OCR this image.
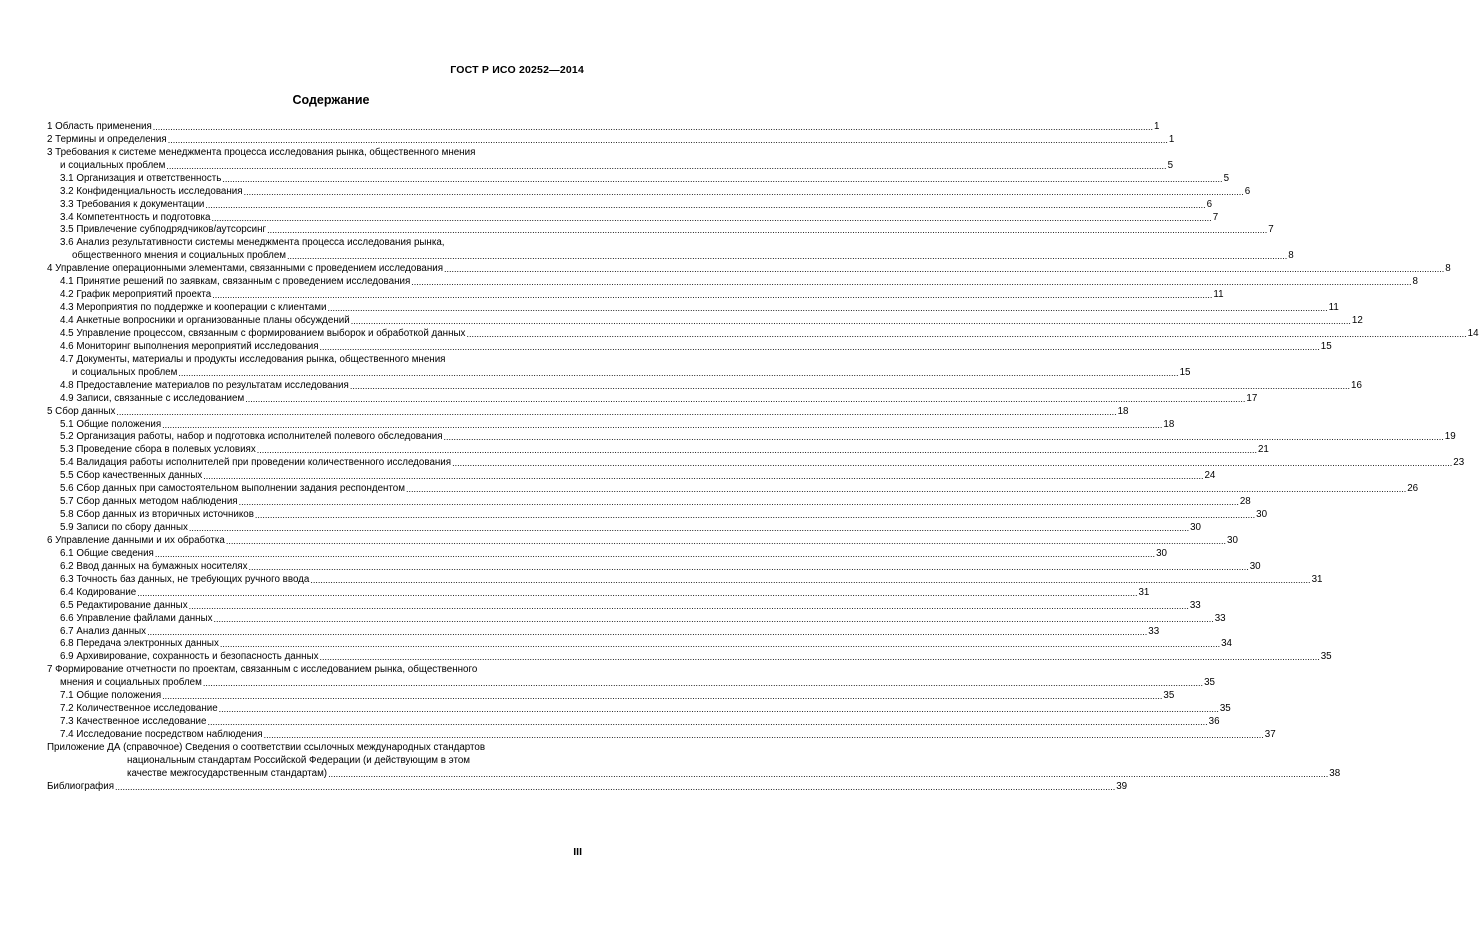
ГОСТ Р ИСО 20252—2014
Содержание
1 Область применения ................................................................................................................................................................................................................................................................................................................................................................................................................ 1
2 Термины и определения ................................................................................................................................................................................................................................................................................................................................................................................................................ 1
3 Требования к системе менеджмента процесса исследования рынка, общественного мнения
и социальных проблем ................................................................................................................................................................................................................................................................................................................................................................................................................ 5
3.1 Организация и ответственность ................................................................................................................................................................................................................................................................................................................................................................................................................ 5
3.2 Конфиденциальность исследования ................................................................................................................................................................................................................................................................................................................................................................................................................ 6
3.3 Требования к документации ................................................................................................................................................................................................................................................................................................................................................................................................................ 6
3.4 Компетентность и подготовка ................................................................................................................................................................................................................................................................................................................................................................................................................ 7
3.5 Привлечение субподрядчиков/аутсорсинг ................................................................................................................................................................................................................................................................................................................................................................................................................ 7
3.6 Анализ результативности системы менеджмента процесса исследования рынка,
общественного мнения и социальных проблем ................................................................................................................................................................................................................................................................................................................................................................................................................ 8
4 Управление операционными элементами, связанными с проведением исследования ................................................................................................................................................................................................................................................................................................................................................................................................................ 8
4.1 Принятие решений по заявкам, связанным с проведением исследования ................................................................................................................................................................................................................................................................................................................................................................................................................ 8
4.2 График мероприятий проекта ................................................................................................................................................................................................................................................................................................................................................................................................................ 11
4.3 Мероприятия по поддержке и кооперации с клиентами ................................................................................................................................................................................................................................................................................................................................................................................................................ 11
4.4 Анкетные вопросники и организованные планы обсуждений ................................................................................................................................................................................................................................................................................................................................................................................................................ 12
4.5 Управление процессом, связанным с формированием выборок и обработкой данных ................................................................................................................................................................................................................................................................................................................................................................................................................ 14
4.6 Мониторинг выполнения мероприятий исследования ................................................................................................................................................................................................................................................................................................................................................................................................................ 15
4.7 Документы, материалы и продукты исследования рынка, общественного мнения
и социальных проблем ................................................................................................................................................................................................................................................................................................................................................................................................................ 15
4.8 Предоставление материалов по результатам исследования ................................................................................................................................................................................................................................................................................................................................................................................................................ 16
4.9 Записи, связанные с исследованием ................................................................................................................................................................................................................................................................................................................................................................................................................ 17
5 Сбор данных ................................................................................................................................................................................................................................................................................................................................................................................................................ 18
5.1 Общие положения ................................................................................................................................................................................................................................................................................................................................................................................................................ 18
5.2 Организация работы, набор и подготовка исполнителей полевого обследования ................................................................................................................................................................................................................................................................................................................................................................................................................ 19
5.3 Проведение сбора в полевых условиях ................................................................................................................................................................................................................................................................................................................................................................................................................ 21
5.4 Валидация работы исполнителей при проведении количественного исследования ................................................................................................................................................................................................................................................................................................................................................................................................................ 23
5.5 Сбор качественных данных ................................................................................................................................................................................................................................................................................................................................................................................................................ 24
5.6 Сбор данных при самостоятельном выполнении задания респондентом ................................................................................................................................................................................................................................................................................................................................................................................................................ 26
5.7 Сбор данных методом наблюдения ................................................................................................................................................................................................................................................................................................................................................................................................................ 28
5.8 Сбор данных из вторичных источников ................................................................................................................................................................................................................................................................................................................................................................................................................ 30
5.9 Записи по сбору данных ................................................................................................................................................................................................................................................................................................................................................................................................................ 30
6 Управление данными и их обработка ................................................................................................................................................................................................................................................................................................................................................................................................................ 30
6.1 Общие сведения ................................................................................................................................................................................................................................................................................................................................................................................................................ 30
6.2 Ввод данных на бумажных носителях ................................................................................................................................................................................................................................................................................................................................................................................................................ 30
6.3 Точность баз данных, не требующих ручного ввода ................................................................................................................................................................................................................................................................................................................................................................................................................ 31
6.4 Кодирование ................................................................................................................................................................................................................................................................................................................................................................................................................ 31
6.5 Редактирование данных ................................................................................................................................................................................................................................................................................................................................................................................................................ 33
6.6 Управление файлами данных ................................................................................................................................................................................................................................................................................................................................................................................................................ 33
6.7 Анализ данных ................................................................................................................................................................................................................................................................................................................................................................................................................ 33
6.8 Передача электронных данных ................................................................................................................................................................................................................................................................................................................................................................................................................ 34
6.9 Архивирование, сохранность и безопасность данных ................................................................................................................................................................................................................................................................................................................................................................................................................ 35
7 Формирование отчетности по проектам, связанным с исследованием рынка, общественного
мнения и социальных проблем ................................................................................................................................................................................................................................................................................................................................................................................................................ 35
7.1 Общие положения ................................................................................................................................................................................................................................................................................................................................................................................................................ 35
7.2 Количественное исследование ................................................................................................................................................................................................................................................................................................................................................................................................................ 35
7.3 Качественное исследование ................................................................................................................................................................................................................................................................................................................................................................................................................ 36
7.4 Исследование посредством наблюдения ................................................................................................................................................................................................................................................................................................................................................................................................................ 37
Приложение ДА (справочное) Сведения о соответствии ссылочных международных стандартов
национальным стандартам Российской Федерации (и действующим в этом
качестве межгосударственным стандартам) ................................................................................................................................................................................................................................................................................................................................................................................................................ 38
Библиография ................................................................................................................................................................................................................................................................................................................................................................................................................ 39
III
